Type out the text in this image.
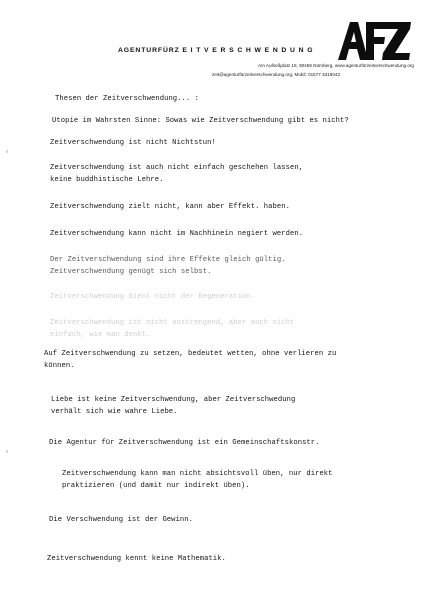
AGENTURFÜRZ E I T V E R S C H W E N D U N G
Am Aufseßplatz 18, 90459 Nürnberg, www.agenturfürzeitverschwendung.org
zeit@agenturfürzeitverschwendung.org, Mobil: 01577 3318042
Thesen der Zeitverschwendung... :
Utopie im Wahrsten Sinne: Sowas wie Zeitverschwendung gibt es nicht?
Zeitverschwendung ist nicht Nichtstun!
Zeitverschwendung ist auch nicht einfach geschehen lassen,
keine buddhistische Lehre.
Zeitverschwendung zielt nicht, kann aber Effekt. haben.
Zeitverschwendung kann nicht im Nachhinein negiert werden.
Der Zeitverschwendung sind ihre Effekte gleich gültig.
Zeitverschwendung genügt sich selbst.
Zeitverschwendung dient nicht der Regeneration.
Zeitverschwendung ist nicht anstrengend, aber auch nicht
einfach, wie man denkt.
Auf Zeitverschwendung zu setzen, bedeutet wetten, ohne verlieren zu
können.
Liebe ist keine Zeitverschwendung, aber Zeitverschwedung
verhält sich wie wahre Liebe.
Die Agentur für Zeitverschwendung ist ein Gemeinschaftskonstr.
Zeitverschwendung kann man nicht absichtsvoll üben, nur direkt
praktizieren (und damit nur indirekt üben).
Die Verschwendung ist der Gewinn.
Zeitverschwendung kennt keine Mathematik.
